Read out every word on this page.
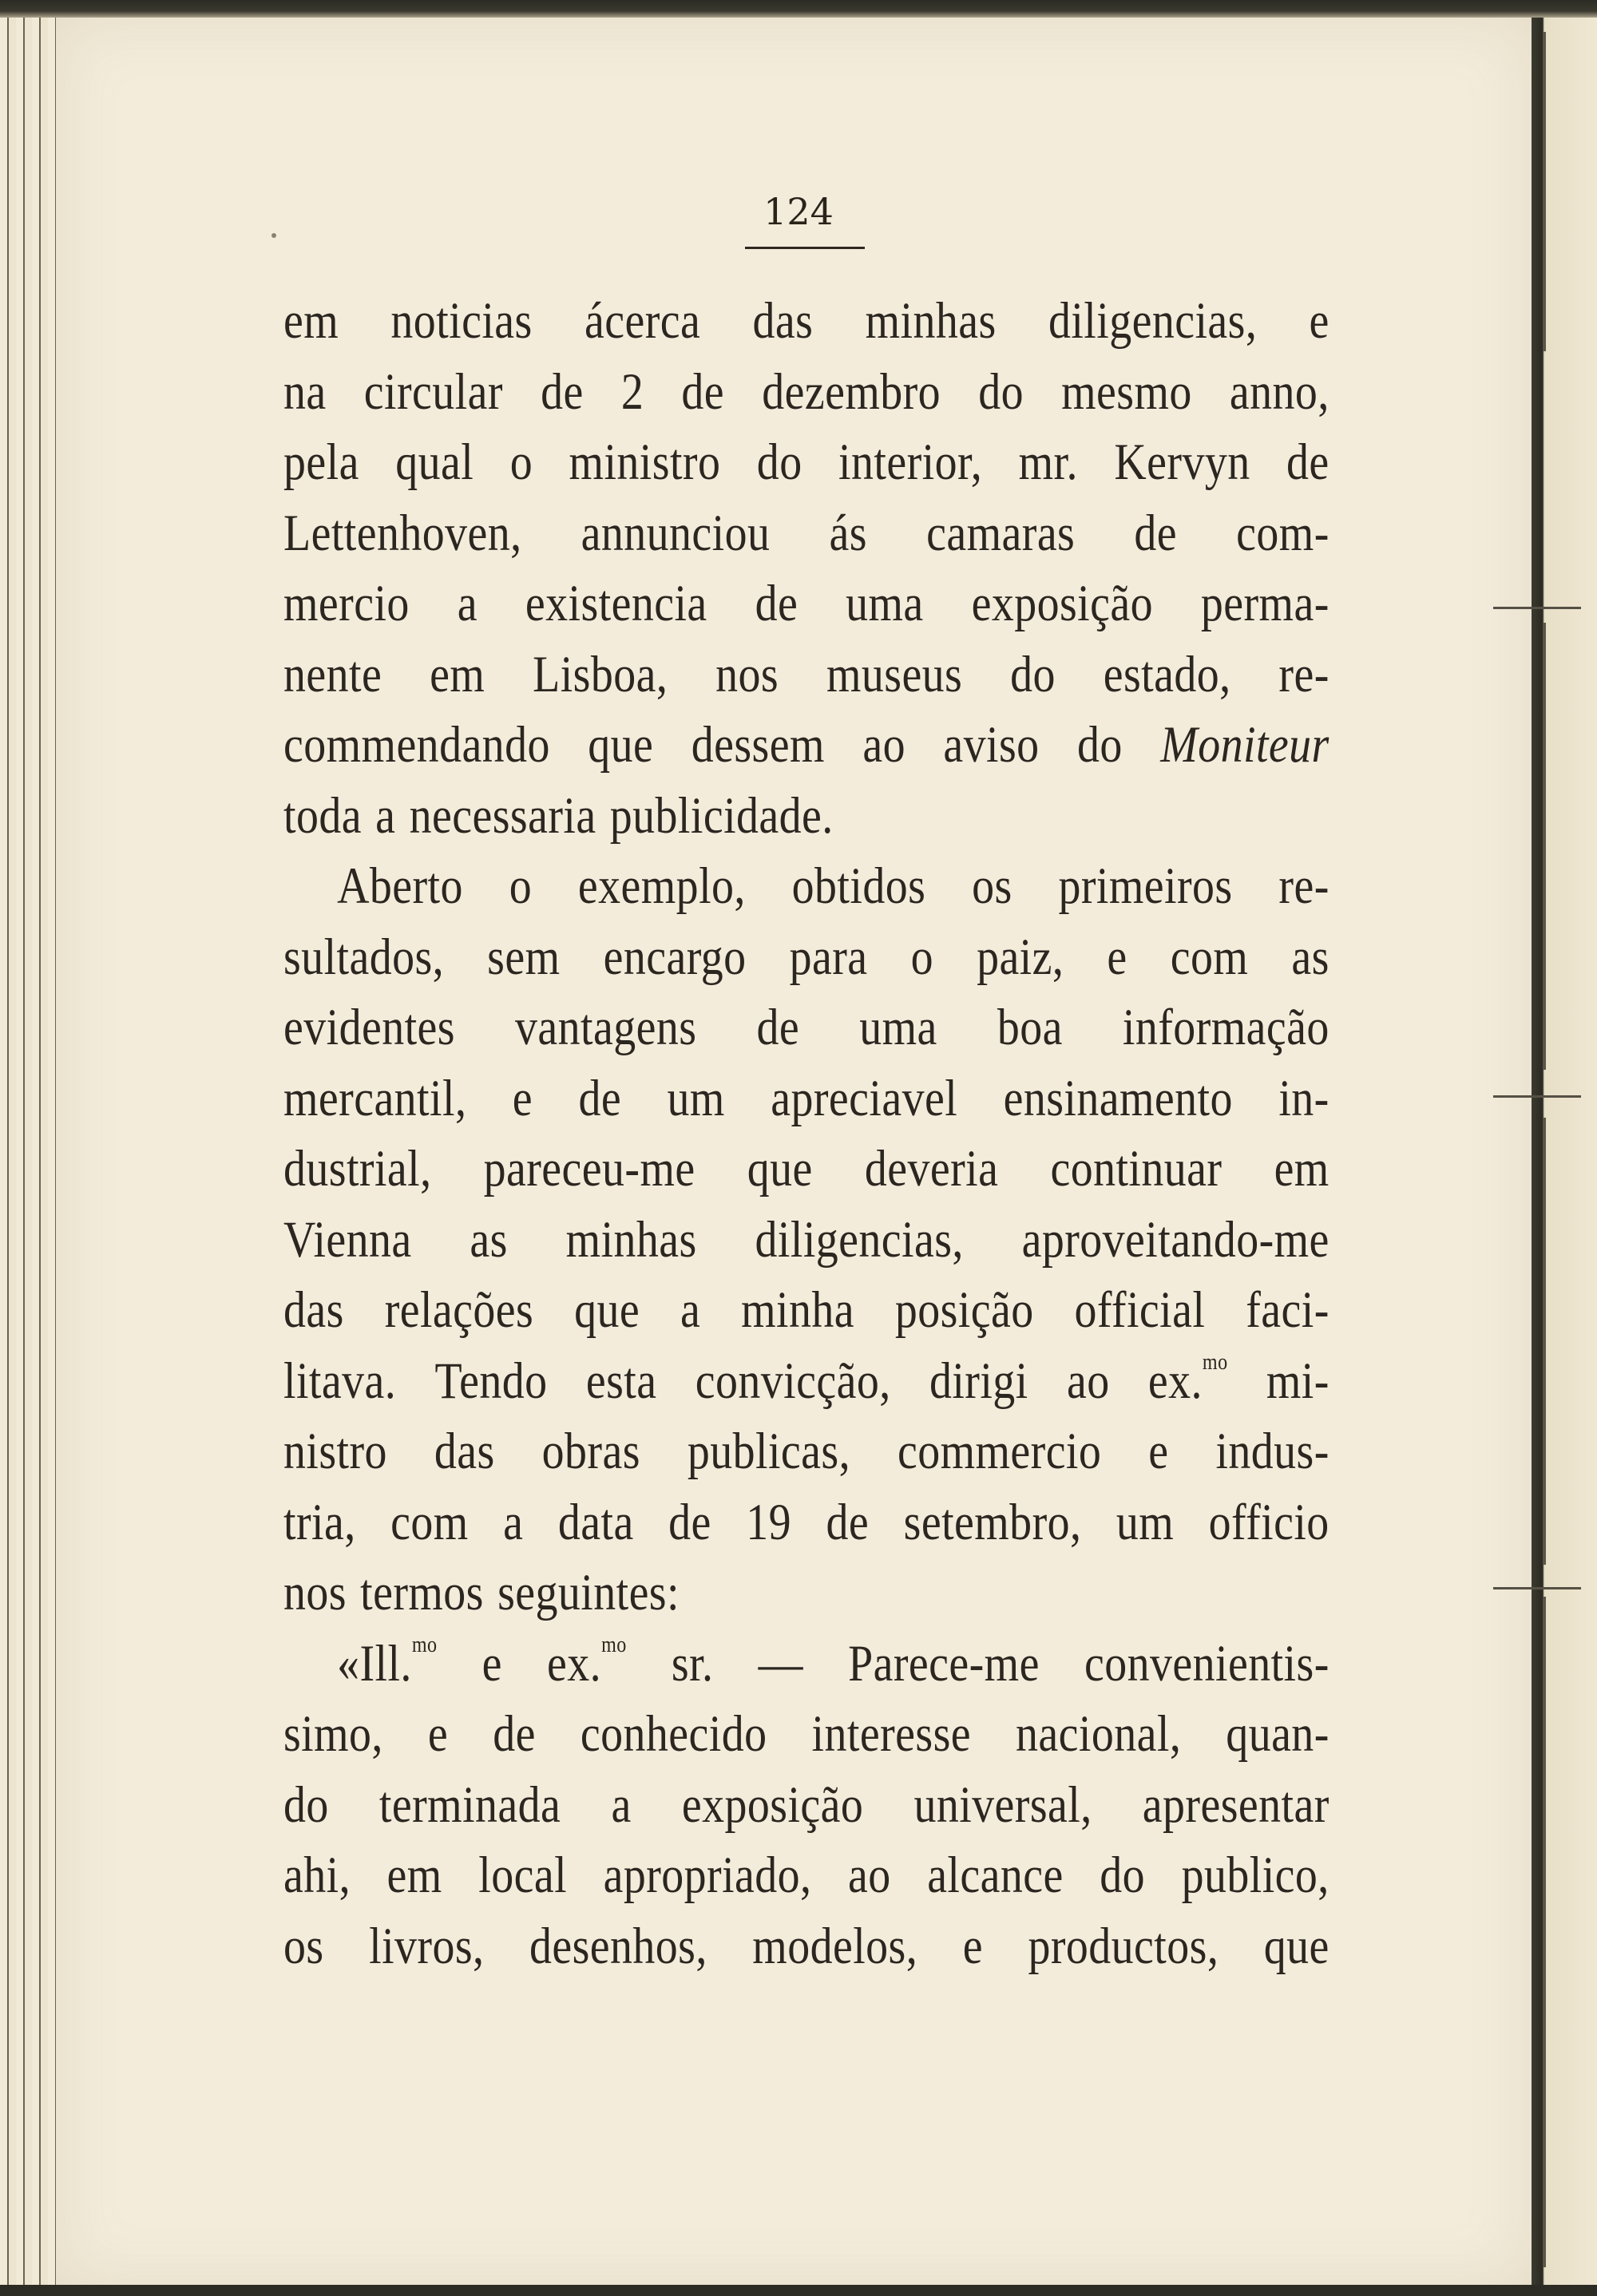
124
em noticias ácerca das minhas diligencias, e
na circular de 2 de dezembro do mesmo anno,
pela qual o ministro do interior, mr. Kervyn de
Lettenhoven, annunciou ás camaras de com-
mercio a existencia de uma exposição perma-
nente em Lisboa, nos museus do estado, re-
commendando que dessem ao aviso do Moniteur
toda a necessaria publicidade.
Aberto o exemplo, obtidos os primeiros re-
sultados, sem encargo para o paiz, e com as
evidentes vantagens de uma boa informação
mercantil, e de um apreciavel ensinamento in-
dustrial, pareceu-me que deveria continuar em
Vienna as minhas diligencias, aproveitando-me
das relações que a minha posição official faci-
litava. Tendo esta convicção, dirigi ao ex.$^{mo}$ mi-
nistro das obras publicas, commercio e indus-
tria, com a data de 19 de setembro, um officio
nos termos seguintes:
«Ill.$^{mo}$ e ex.$^{mo}$ sr. — Parece-me convenientis-
simo, e de conhecido interesse nacional, quan-
do terminada a exposição universal, apresentar
ahi, em local apropriado, ao alcance do publico,
os livros, desenhos, modelos, e productos, que
